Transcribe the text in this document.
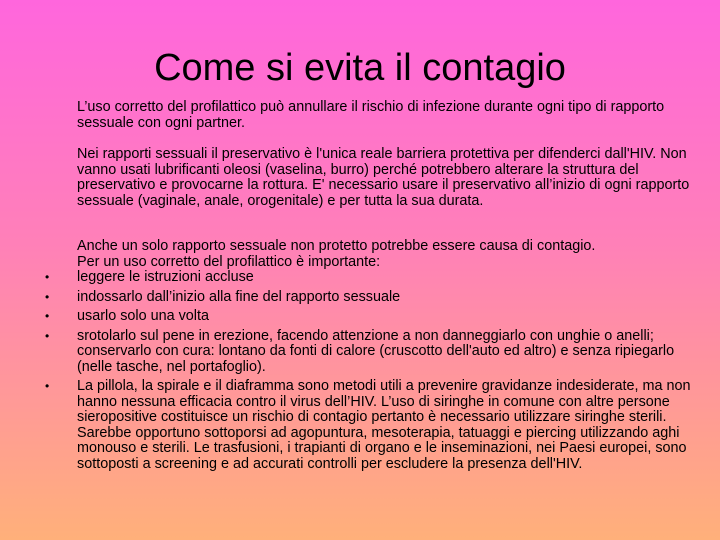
Come si evita il contagio

L’uso corretto del profilattico può annullare il rischio di infezione durante ogni tipo di rapporto sessuale con ogni partner.

Nei rapporti sessuali il preservativo è l'unica reale barriera protettiva per difenderci dall'HIV. Non vanno usati lubrificanti oleosi (vaselina, burro) perché potrebbero alterare la struttura del preservativo e provocarne la rottura. E' necessario usare il preservativo all’inizio di ogni rapporto sessuale (vaginale, anale, orogenitale) e per tutta la sua durata.

Anche un solo rapporto sessuale non protetto potrebbe essere causa di contagio.
Per un uso corretto del profilattico è importante:
• leggere le istruzioni accluse
• indossarlo dall’inizio alla fine del rapporto sessuale
• usarlo solo una volta
• srotolarlo sul pene in erezione, facendo attenzione a non danneggiarlo con unghie o anelli; conservarlo con cura: lontano da fonti di calore (cruscotto dell'auto ed altro) e senza ripiegarlo (nelle tasche, nel portafoglio).
• La pillola, la spirale e il diaframma sono metodi utili a prevenire gravidanze indesiderate, ma non hanno nessuna efficacia contro il virus dell’HIV. L’uso di siringhe in comune con altre persone sieropositive costituisce un rischio di contagio pertanto è necessario utilizzare siringhe sterili. Sarebbe opportuno sottoporsi ad agopuntura, mesoterapia, tatuaggi e piercing utilizzando aghi monouso e sterili. Le trasfusioni, i trapianti di organo e le inseminazioni, nei Paesi europei, sono sottoposti a screening e ad accurati controlli per escludere la presenza dell'HIV.
